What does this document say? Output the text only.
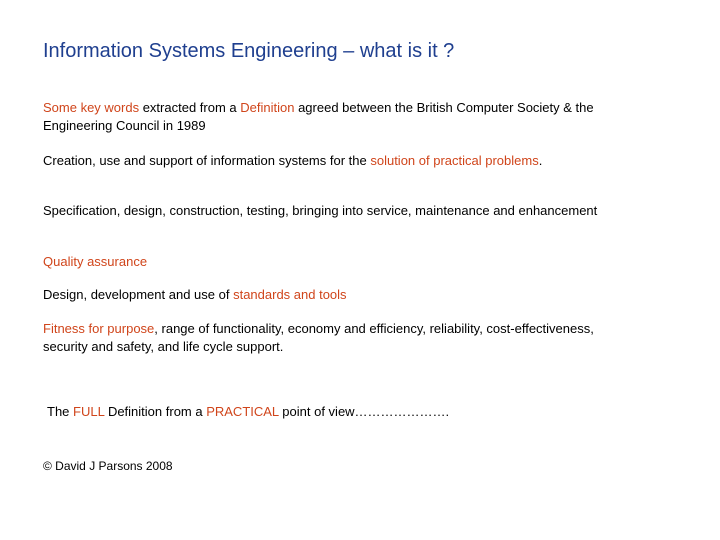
Information Systems Engineering – what is it ?
Some key words extracted from a Definition agreed between the British Computer Society & the Engineering Council in 1989
Creation, use and support of information systems for the solution of practical problems.
Specification, design, construction, testing, bringing into service, maintenance and enhancement
Quality assurance
Design, development and use of standards and tools
Fitness for purpose, range of functionality, economy and efficiency, reliability, cost-effectiveness, security and safety, and life cycle support.
The FULL Definition from a PRACTICAL point of view………………….
© David J Parsons 2008
